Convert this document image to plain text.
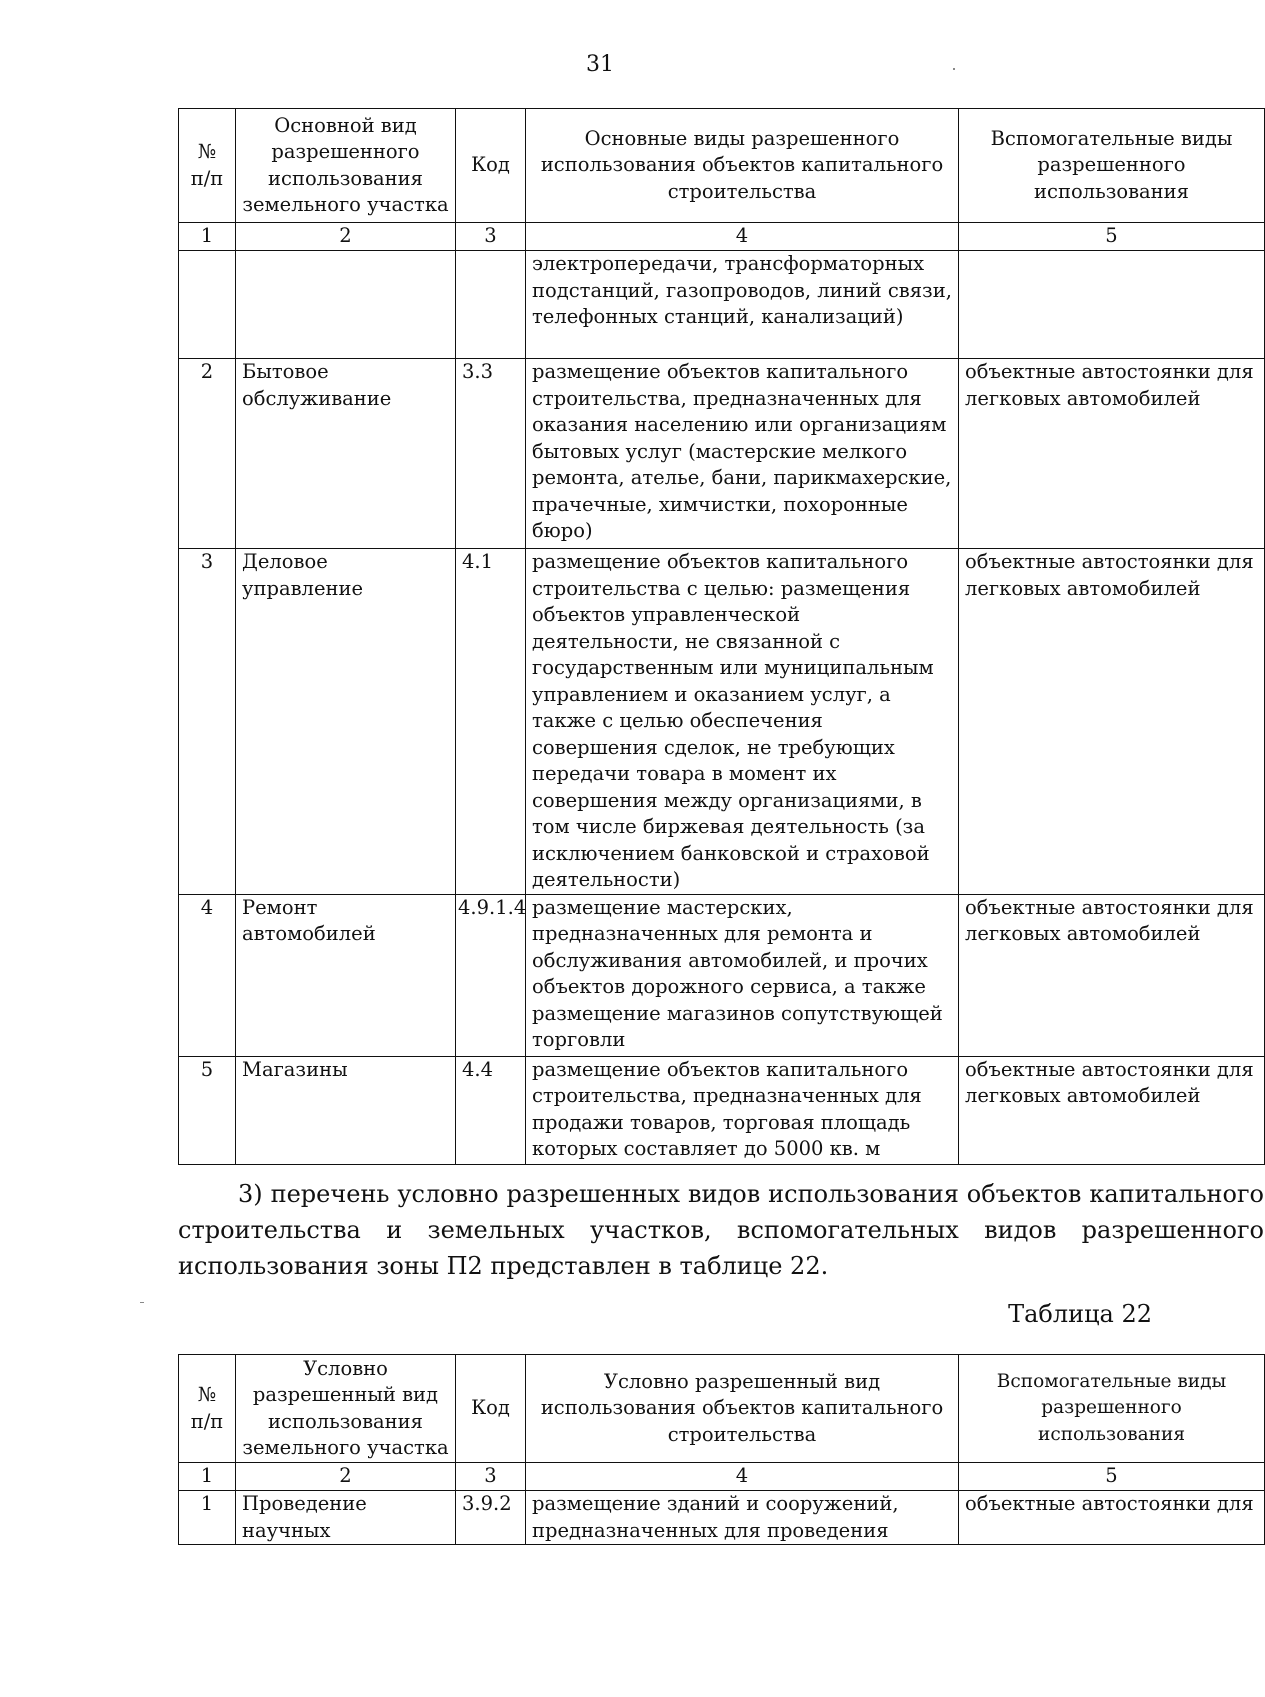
31
№ п/п	Основной вид разрешенного использования земельного участка	Код	Основные виды разрешенного использования объектов капитального строительства	Вспомогательные виды разрешенного использования
1	2	3	4	5
			электропередачи, трансформаторных подстанций, газопроводов, линий связи, телефонных станций, канализаций)	
2	Бытовое обслуживание	3.3	размещение объектов капитального строительства, предназначенных для оказания населению или организациям бытовых услуг (мастерские мелкого ремонта, ателье, бани, парикмахерские, прачечные, химчистки, похоронные бюро)	объектные автостоянки для легковых автомобилей
3	Деловое управление	4.1	размещение объектов капитального строительства с целью: размещения объектов управленческой деятельности, не связанной с государственным или муниципальным управлением и оказанием услуг, а также с целью обеспечения совершения сделок, не требующих передачи товара в момент их совершения между организациями, в том числе биржевая деятельность (за исключением банковской и страховой деятельности)	объектные автостоянки для легковых автомобилей
4	Ремонт автомобилей	4.9.1.4	размещение мастерских, предназначенных для ремонта и обслуживания автомобилей, и прочих объектов дорожного сервиса, а также размещение магазинов сопутствующей торговли	объектные автостоянки для легковых автомобилей
5	Магазины	4.4	размещение объектов капитального строительства, предназначенных для продажи товаров, торговая площадь которых составляет до 5000 кв. м	объектные автостоянки для легковых автомобилей
3) перечень условно разрешенных видов использования объектов капитального строительства и земельных участков, вспомогательных видов разрешенного использования зоны П2 представлен в таблице 22.
Таблица 22
№ п/п	Условно разрешенный вид использования земельного участка	Код	Условно разрешенный вид использования объектов капитального строительства	Вспомогательные виды разрешенного использования
1	2	3	4	5
1	Проведение научных	3.9.2	размещение зданий и сооружений, предназначенных для проведения	объектные автостоянки для
